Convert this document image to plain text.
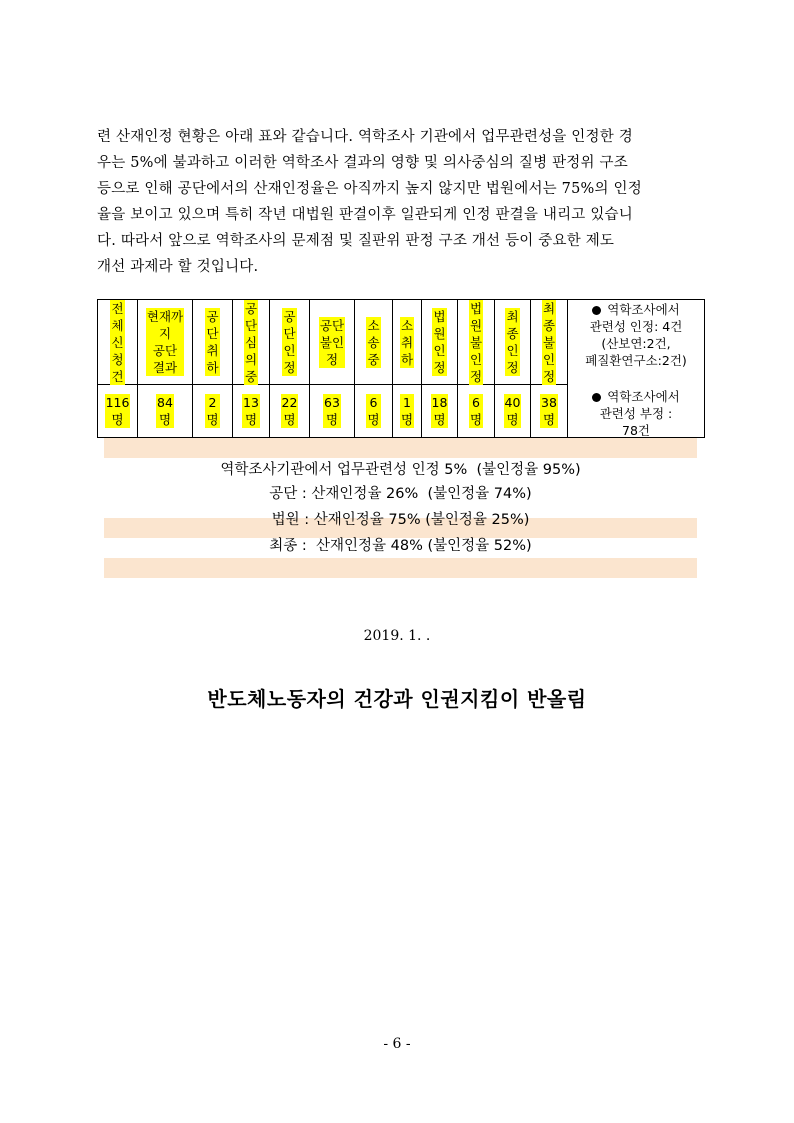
련 산재인정 현황은 아래 표와 같습니다. 역학조사 기관에서 업무관련성을 인정한 경
우는 5%에 불과하고 이러한 역학조사 결과의 영향 및 의사중심의 질병 판정위 구조
등으로 인해 공단에서의 산재인정율은 아직까지 높지 않지만 법원에서는 75%의 인정
율을 보이고 있으며 특히 작년 대법원 판결이후 일관되게 인정 판결을 내리고 있습니
다. 따라서 앞으로 역학조사의 문제점 및 질판위 판정 구조 개선 등이 중요한 제도
개선 과제라 할 것입니다.
전
체
신
청
건
현재까
지
공단
결과
공
단
취
하
공
단
심
의
중
공
단
인
정
공단
불인
정
소
송
중
소
취
하
법
원
인
정
법
원
불
인
정
최
종
인
정
최
종
불
인
정
116
명
84
명
2
명
13
명
22
명
63
명
6
명
1
명
18
명
6
명
40
명
38
명
역학조사에서
관련성 인정: 4건
(산보연:2건,
폐질환연구소:2건)
역학조사에서
관련성 부정 :
78건
역학조사기관에서 업무관련성 인정 5%  (불인정율 95%)
공단 : 산재인정율 26%  (불인정율 74%)
법원 : 산재인정율 75% (불인정율 25%)
최종 :  산재인정율 48% (불인정율 52%)
2019. 1. .
반도체노동자의 건강과 인권지킴이 반올림
- 6 -
